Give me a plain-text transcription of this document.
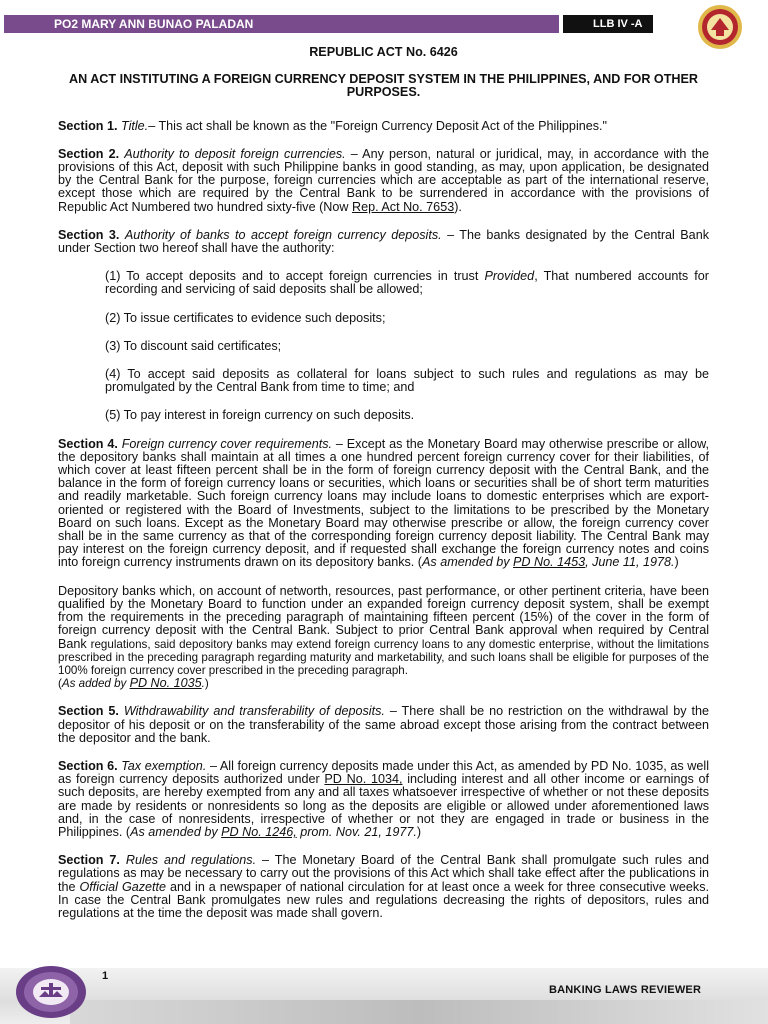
PO2 MARY ANN BUNAO PALADAN	LLB IV -A

REPUBLIC ACT No. 6426

AN ACT INSTITUTING A FOREIGN CURRENCY DEPOSIT SYSTEM IN THE PHILIPPINES, AND FOR OTHER PURPOSES.

Section 1. Title.– This act shall be known as the "Foreign Currency Deposit Act of the Philippines."

Section 2. Authority to deposit foreign currencies. – Any person, natural or juridical, may, in accordance with the provisions of this Act, deposit with such Philippine banks in good standing, as may, upon application, be designated by the Central Bank for the purpose, foreign currencies which are acceptable as part of the international reserve, except those which are required by the Central Bank to be surrendered in accordance with the provisions of Republic Act Numbered two hundred sixty-five (Now Rep. Act No. 7653).

Section 3. Authority of banks to accept foreign currency deposits. – The banks designated by the Central Bank under Section two hereof shall have the authority:

(1) To accept deposits and to accept foreign currencies in trust Provided, That numbered accounts for recording and servicing of said deposits shall be allowed;

(2) To issue certificates to evidence such deposits;

(3) To discount said certificates;

(4) To accept said deposits as collateral for loans subject to such rules and regulations as may be promulgated by the Central Bank from time to time; and

(5) To pay interest in foreign currency on such deposits.

Section 4. Foreign currency cover requirements. – Except as the Monetary Board may otherwise prescribe or allow, the depository banks shall maintain at all times a one hundred percent foreign currency cover for their liabilities, of which cover at least fifteen percent shall be in the form of foreign currency deposit with the Central Bank, and the balance in the form of foreign currency loans or securities, which loans or securities shall be of short term maturities and readily marketable. Such foreign currency loans may include loans to domestic enterprises which are export-oriented or registered with the Board of Investments, subject to the limitations to be prescribed by the Monetary Board on such loans. Except as the Monetary Board may otherwise prescribe or allow, the foreign currency cover shall be in the same currency as that of the corresponding foreign currency deposit liability. The Central Bank may pay interest on the foreign currency deposit, and if requested shall exchange the foreign currency notes and coins into foreign currency instruments drawn on its depository banks. (As amended by PD No. 1453, June 11, 1978.)

Depository banks which, on account of networth, resources, past performance, or other pertinent criteria, have been qualified by the Monetary Board to function under an expanded foreign currency deposit system, shall be exempt from the requirements in the preceding paragraph of maintaining fifteen percent (15%) of the cover in the form of foreign currency deposit with the Central Bank. Subject to prior Central Bank approval when required by Central Bank regulations, said depository banks may extend foreign currency loans to any domestic enterprise, without the limitations prescribed in the preceding paragraph regarding maturity and marketability, and such loans shall be eligible for purposes of the 100% foreign currency cover prescribed in the preceding paragraph.
(As added by PD No. 1035.)

Section 5. Withdrawability and transferability of deposits. – There shall be no restriction on the withdrawal by the depositor of his deposit or on the transferability of the same abroad except those arising from the contract between the depositor and the bank.

Section 6. Tax exemption. – All foreign currency deposits made under this Act, as amended by PD No. 1035, as well as foreign currency deposits authorized under PD No. 1034, including interest and all other income or earnings of such deposits, are hereby exempted from any and all taxes whatsoever irrespective of whether or not these deposits are made by residents or nonresidents so long as the deposits are eligible or allowed under aforementioned laws and, in the case of nonresidents, irrespective of whether or not they are engaged in trade or business in the Philippines. (As amended by PD No. 1246, prom. Nov. 21, 1977.)

Section 7. Rules and regulations. – The Monetary Board of the Central Bank shall promulgate such rules and regulations as may be necessary to carry out the provisions of this Act which shall take effect after the publications in the Official Gazette and in a newspaper of national circulation for at least once a week for three consecutive weeks. In case the Central Bank promulgates new rules and regulations decreasing the rights of depositors, rules and regulations at the time the deposit was made shall govern.

1
BANKING LAWS REVIEWER
